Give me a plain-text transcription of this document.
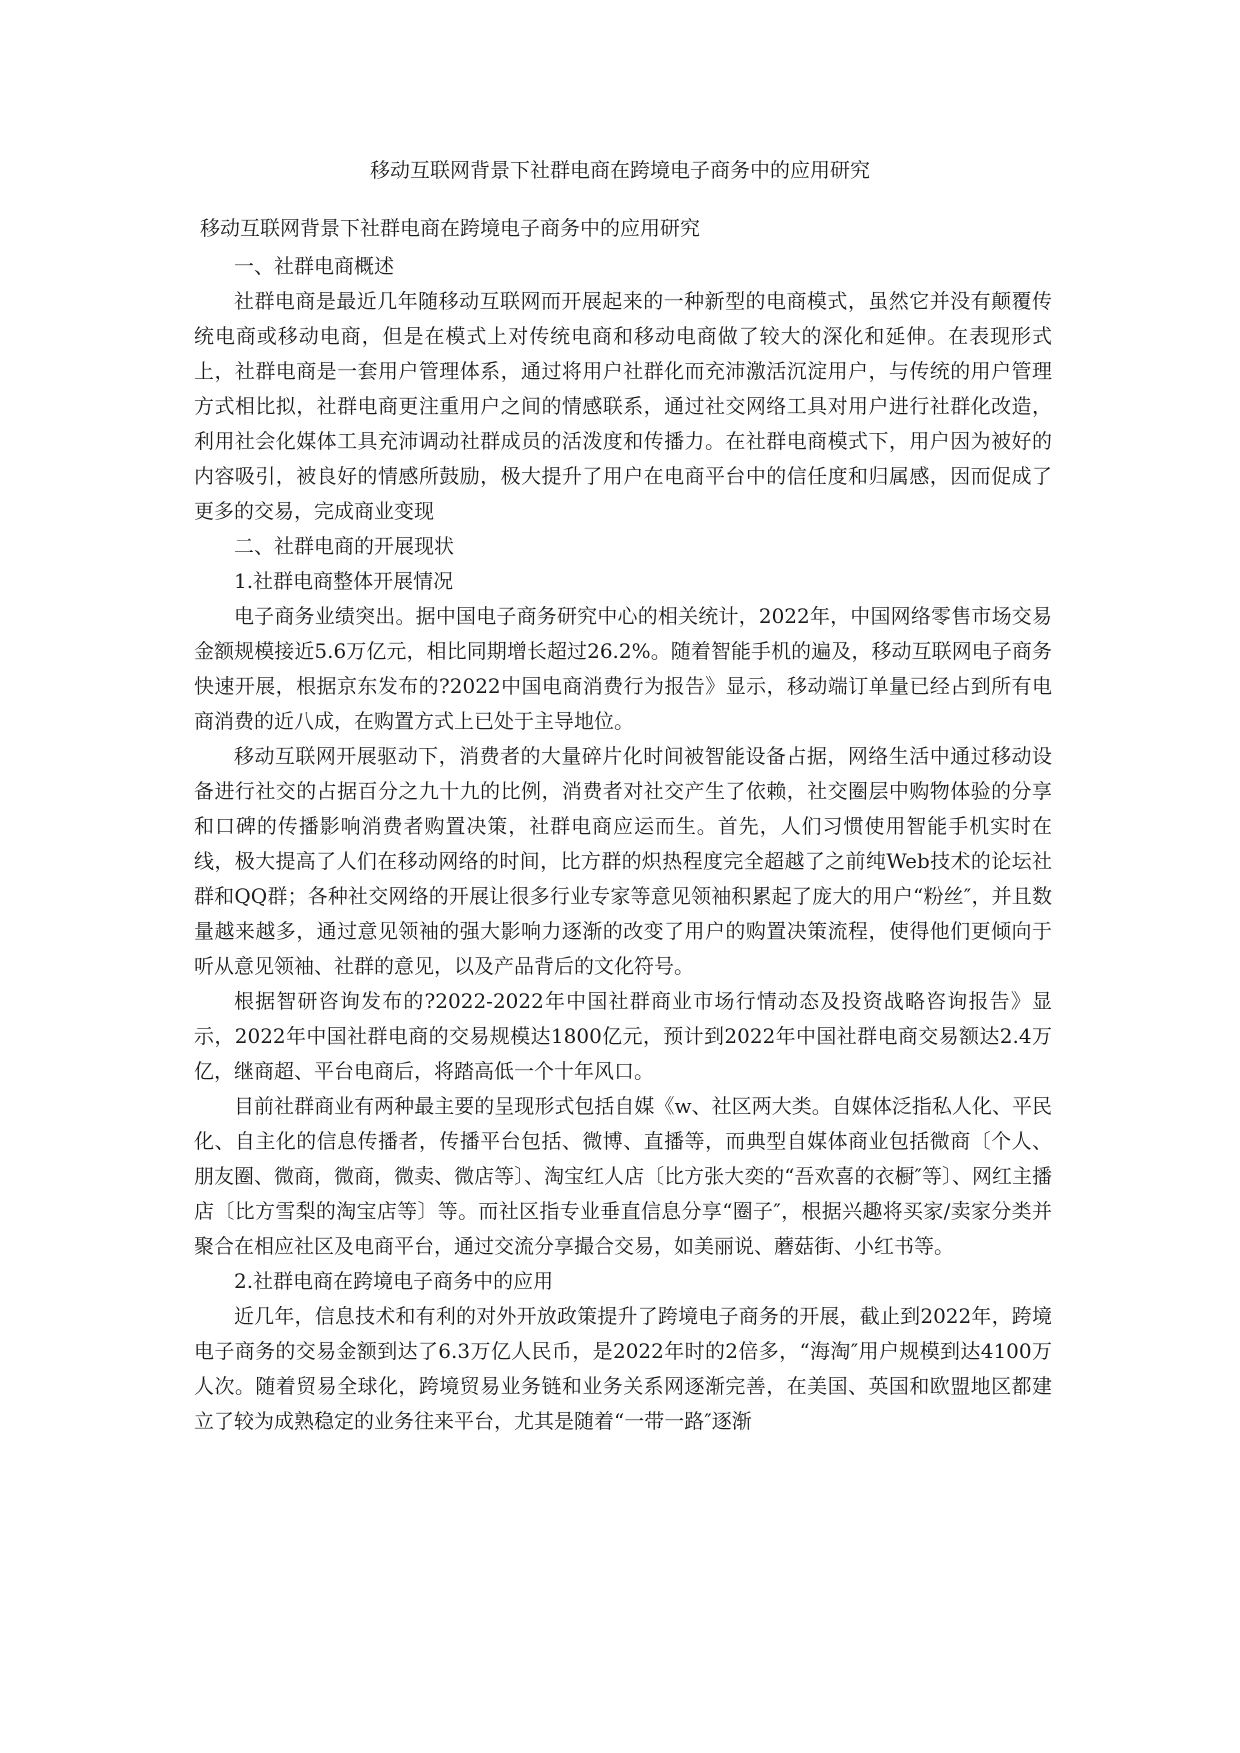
移动互联网背景下社群电商在跨境电子商务中的应用研究

移动互联网背景下社群电商在跨境电子商务中的应用研究

一、社群电商概述

社群电商是最近几年随移动互联网而开展起来的一种新型的电商模式，虽然它并没有颠覆传统电商或移动电商，但是在模式上对传统电商和移动电商做了较大的深化和延伸。在表现形式上，社群电商是一套用户管理体系，通过将用户社群化而充沛激活沉淀用户，与传统的用户管理方式相比拟，社群电商更注重用户之间的情感联系，通过社交网络工具对用户进行社群化改造，利用社会化媒体工具充沛调动社群成员的活泼度和传播力。在社群电商模式下，用户因为被好的内容吸引，被良好的情感所鼓励，极大提升了用户在电商平台中的信任度和归属感，因而促成了更多的交易，完成商业变现

二、社群电商的开展现状

1.社群电商整体开展情况

电子商务业绩突出。据中国电子商务研究中心的相关统计，2022年，中国网络零售市场交易金额规模接近5.6万亿元，相比同期增长超过26.2%。随着智能手机的遍及，移动互联网电子商务快速开展，根据京东发布的?2022中国电商消费行为报告》显示，移动端订单量已经占到所有电商消费的近八成，在购置方式上已处于主导地位。

移动互联网开展驱动下，消费者的大量碎片化时间被智能设备占据，网络生活中通过移动设备进行社交的占据百分之九十九的比例，消费者对社交产生了依赖，社交圈层中购物体验的分享和口碑的传播影响消费者购置决策，社群电商应运而生。首先，人们习惯使用智能手机实时在线，极大提高了人们在移动网络的时间，比方群的炽热程度完全超越了之前纯Web技术的论坛社群和QQ群；各种社交网络的开展让很多行业专家等意见领袖积累起了庞大的用户“粉丝″，并且数量越来越多，通过意见领袖的强大影响力逐渐的改变了用户的购置决策流程，使得他们更倾向于听从意见领袖、社群的意见，以及产品背后的文化符号。

根据智研咨询发布的?2022-2022年中国社群商业市场行情动态及投资战略咨询报告》显示，2022年中国社群电商的交易规模达1800亿元，预计到2022年中国社群电商交易额达2.4万亿，继商超、平台电商后，将踏高低一个十年风口。

目前社群商业有两种最主要的呈现形式包括自媒《w、社区两大类。自媒体泛指私人化、平民化、自主化的信息传播者，传播平台包括、微博、直播等，而典型自媒体商业包括微商〔个人、朋友圈、微商，微商，微卖、微店等〕、淘宝红人店〔比方张大奕的“吾欢喜的衣橱″等〕、网红主播店〔比方雪梨的淘宝店等〕等。而社区指专业垂直信息分享“圈子″，根据兴趣将买家/卖家分类并聚合在相应社区及电商平台，通过交流分享撮合交易，如美丽说、蘑菇街、小红书等。

2.社群电商在跨境电子商务中的应用

近几年，信息技术和有利的对外开放政策提升了跨境电子商务的开展，截止到2022年，跨境电子商务的交易金额到达了6.3万亿人民币，是2022年时的2倍多，“海淘″用户规模到达4100万人次。随着贸易全球化，跨境贸易业务链和业务关系网逐渐完善，在美国、英国和欧盟地区都建立了较为成熟稳定的业务往来平台，尤其是随着“一带一路″逐渐
